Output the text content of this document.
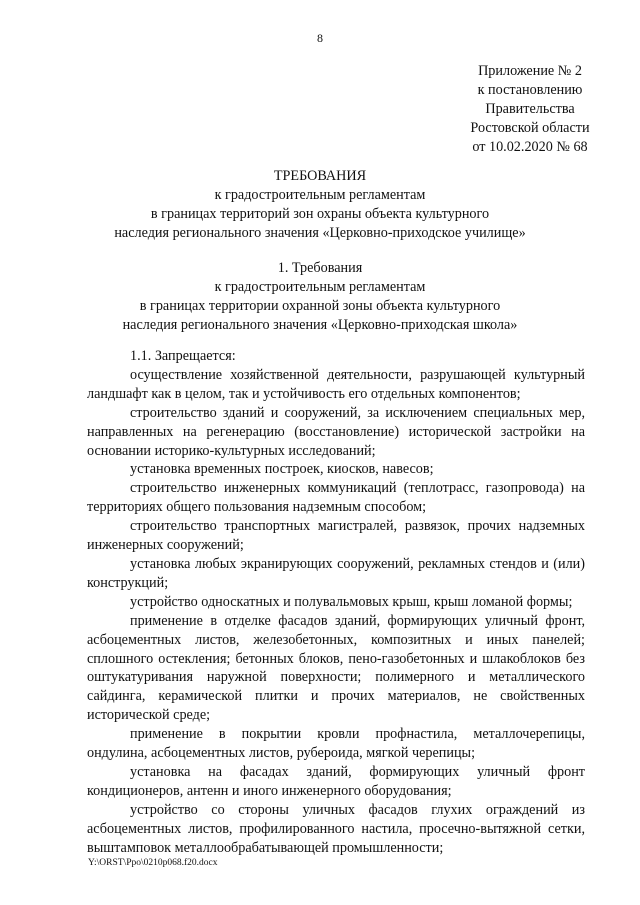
8
Приложение № 2
к постановлению
Правительства
Ростовской области
от 10.02.2020 № 68
ТРЕБОВАНИЯ
к градостроительным регламентам
в границах территорий зон охраны объекта культурного
наследия регионального значения «Церковно-приходское училище»
1. Требования
к градостроительным регламентам
в границах территории охранной зоны объекта культурного
наследия регионального значения «Церковно-приходская школа»

1.1. Запрещается:

осуществление хозяйственной деятельности, разрушающей культурный ландшафт как в целом, так и устойчивость его отдельных компонентов;

строительство зданий и сооружений, за исключением специальных мер, направленных на регенерацию (восстановление) исторической застройки на основании историко-культурных исследований;

установка временных построек, киосков, навесов;

строительство инженерных коммуникаций (теплотрасс, газопровода) на территориях общего пользования надземным способом;

строительство транспортных магистралей, развязок, прочих надземных инженерных сооружений;

установка любых экранирующих сооружений, рекламных стендов и (или) конструкций;

устройство односкатных и полувальмовых крыш, крыш ломаной формы;

применение в отделке фасадов зданий, формирующих уличный фронт, асбоцементных листов, железобетонных, композитных и иных панелей; сплошного остекления; бетонных блоков, пено-газобетонных и шлакоблоков без оштукатуривания наружной поверхности; полимерного и металлического сайдинга, керамической плитки и прочих материалов, не свойственных исторической среде;

применение в покрытии кровли профнастила, металлочерепицы, ондулина, асбоцементных листов, рубероида, мягкой черепицы;

установка на фасадах зданий, формирующих уличный фронт кондиционеров, антенн и иного инженерного оборудования;

устройство со стороны уличных фасадов глухих ограждений из асбоцементных листов, профилированного настила, просечно-вытяжной сетки, выштамповок металлообрабатывающей промышленности;

Y:\ORST\Ppo\0210p068.f20.docx
